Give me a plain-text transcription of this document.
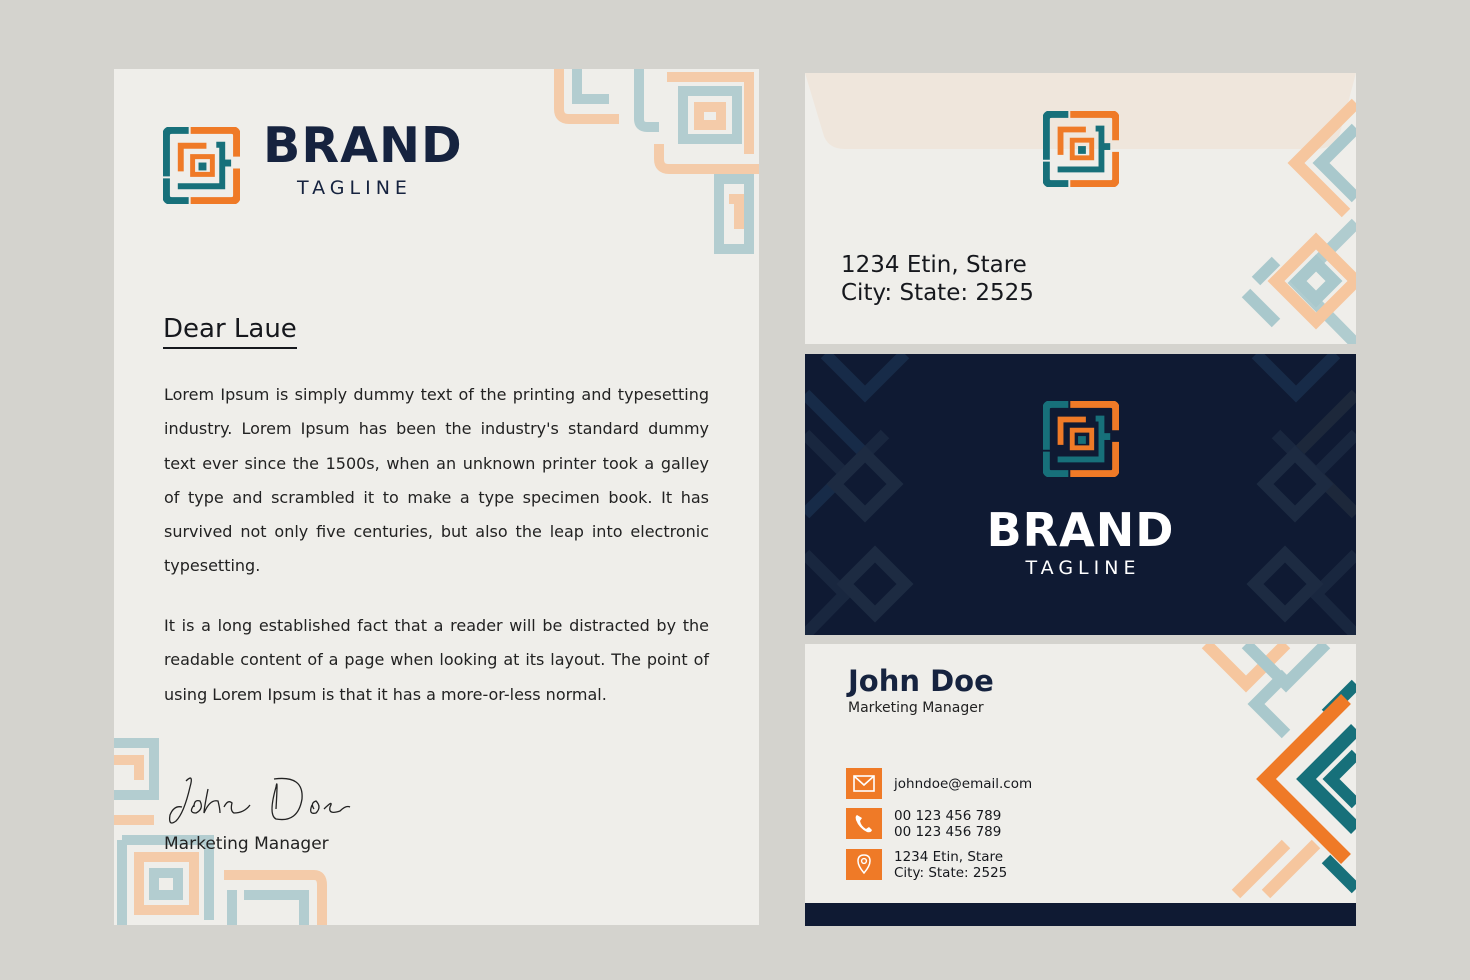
BRAND
TAGLINE
Dear Laue

Lorem Ipsum is simply dummy text of the printing and typesetting industry. Lorem Ipsum has been the industry's standard dummy text ever since the 1500s, when an unknown printer took a galley of type and scrambled it to make a type specimen book. It has survived not only five centuries, but also the leap into electronic typesetting.

It is a long established fact that a reader will be distracted by the readable content of a page when looking at its layout. The point of using Lorem Ipsum is that it has a more-or-less normal.

Marketing Manager
1234 Etin, Stare
City: State: 2525
BRAND
TAGLINE
John Doe
Marketing Manager
johndoe@email.com
00 123 456 789
00 123 456 789
1234 Etin, Stare
City: State: 2525
